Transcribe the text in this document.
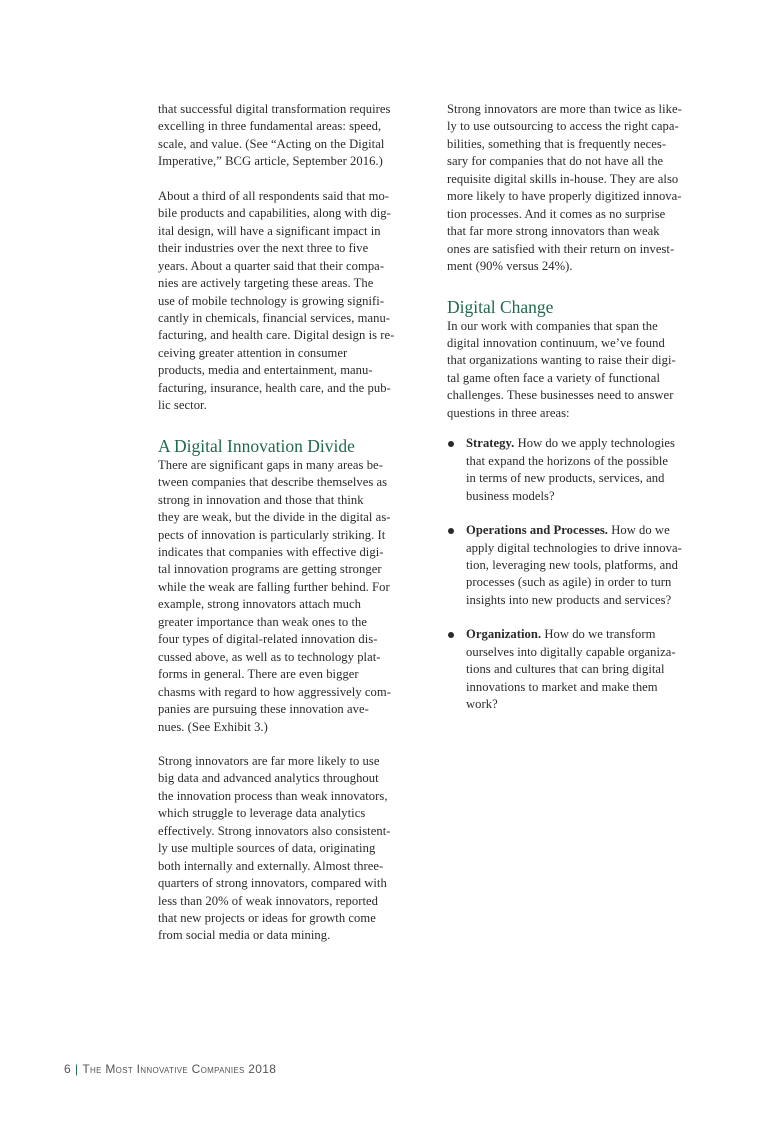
that successful digital transformation requires
excelling in three fundamental areas: speed,
scale, and value. (See “Acting on the Digital
Imperative,” BCG article, September 2016.)

About a third of all respondents said that mo-
bile products and capabilities, along with dig-
ital design, will have a significant impact in
their industries over the next three to five
years. About a quarter said that their compa-
nies are actively targeting these areas. The
use of mobile technology is growing signifi-
cantly in chemicals, financial services, manu-
facturing, and health care. Digital design is re-
ceiving greater attention in consumer
products, media and entertainment, manu-
facturing, insurance, health care, and the pub-
lic sector.

A Digital Innovation Divide

There are significant gaps in many areas be-
tween companies that describe themselves as
strong in innovation and those that think
they are weak, but the divide in the digital as-
pects of innovation is particularly striking. It
indicates that companies with effective digi-
tal innovation programs are getting stronger
while the weak are falling further behind. For
example, strong innovators attach much
greater importance than weak ones to the
four types of digital-related innovation dis-
cussed above, as well as to technology plat-
forms in general. There are even bigger
chasms with regard to how aggressively com-
panies are pursuing these innovation ave-
nues. (See Exhibit 3.)

Strong innovators are far more likely to use
big data and advanced analytics throughout
the innovation process than weak innovators,
which struggle to leverage data analytics
effectively. Strong innovators also consistent-
ly use multiple sources of data, originating
both internally and externally. Almost three-
quarters of strong innovators, compared with
less than 20% of weak innovators, reported
that new projects or ideas for growth come
from social media or data mining.

Strong innovators are more than twice as like-
ly to use outsourcing to access the right capa-
bilities, something that is frequently neces-
sary for companies that do not have all the
requisite digital skills in-house. They are also
more likely to have properly digitized innova-
tion processes. And it comes as no surprise
that far more strong innovators than weak
ones are satisfied with their return on invest-
ment (90% versus 24%).

Digital Change

In our work with companies that span the
digital innovation continuum, we’ve found
that organizations wanting to raise their digi-
tal game often face a variety of functional
challenges. These businesses need to answer
questions in three areas:

Strategy. How do we apply technologies
that expand the horizons of the possible
in terms of new products, services, and
business models?

Operations and Processes. How do we
apply digital technologies to drive innova-
tion, leveraging new tools, platforms, and
processes (such as agile) in order to turn
insights into new products and services?

Organization. How do we transform
ourselves into digitally capable organiza-
tions and cultures that can bring digital
innovations to market and make them
work?

6 | The Most Innovative Companies 2018
